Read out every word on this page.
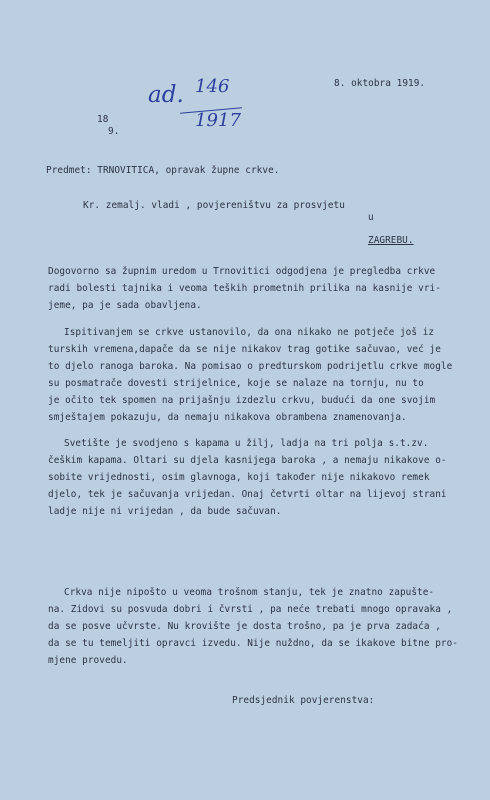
8. oktobra 1919.
ad. 146
1917
18
9.
Predmet: TRNOVITICA, opravak župne crkve.
Kr. zemalj. vladi , povjereništvu za prosvjetu
u
ZAGREBU.
Dogovorno sa župnim uredom u Trnovitici odgodjena je pregledba crkve
radi bolesti tajnika i veoma teških prometnih prilika na kasnije vri-
jeme, pa je sada obavljena.
Ispitivanjem se crkve ustanovilo, da ona nikako ne potječe još iz
turskih vremena,dapače da se nije nikakov trag gotike sačuvao, već je
to djelo ranoga baroka. Na pomisao o predturskom podrijetlu crkve mogle
su posmatrače dovesti strijelnice, koje se nalaze na tornju, nu to
je očito tek spomen na prijašnju izdezlu crkvu, budući da one svojim
smještajem pokazuju, da nemaju nikakova obrambena znamenovanja.
Svetište je svodjeno s kapama u žilj, ladja na tri polja s.t.zv.
češkim kapama. Oltari su djela kasnijega baroka , a nemaju nikakove o-
sobite vrijednosti, osim glavnoga, koji također nije nikakovo remek
djelo, tek je sačuvanja vrijedan. Onaj četvrti oltar na lijevoj strani
ladje nije ni vrijedan , da bude sačuvan.
Crkva nije nipošto u veoma trošnom stanju, tek je znatno zapušte-
na. Zidovi su posvuda dobri i čvrsti , pa neće trebati mnogo opravaka ,
da se posve učvrste. Nu krovište je dosta trošno, pa je prva zadaća ,
da se tu temeljiti opravci izvedu. Nije nuždno, da se ikakove bitne pro-
mjene provedu.
Predsjednik povjerenstva:
